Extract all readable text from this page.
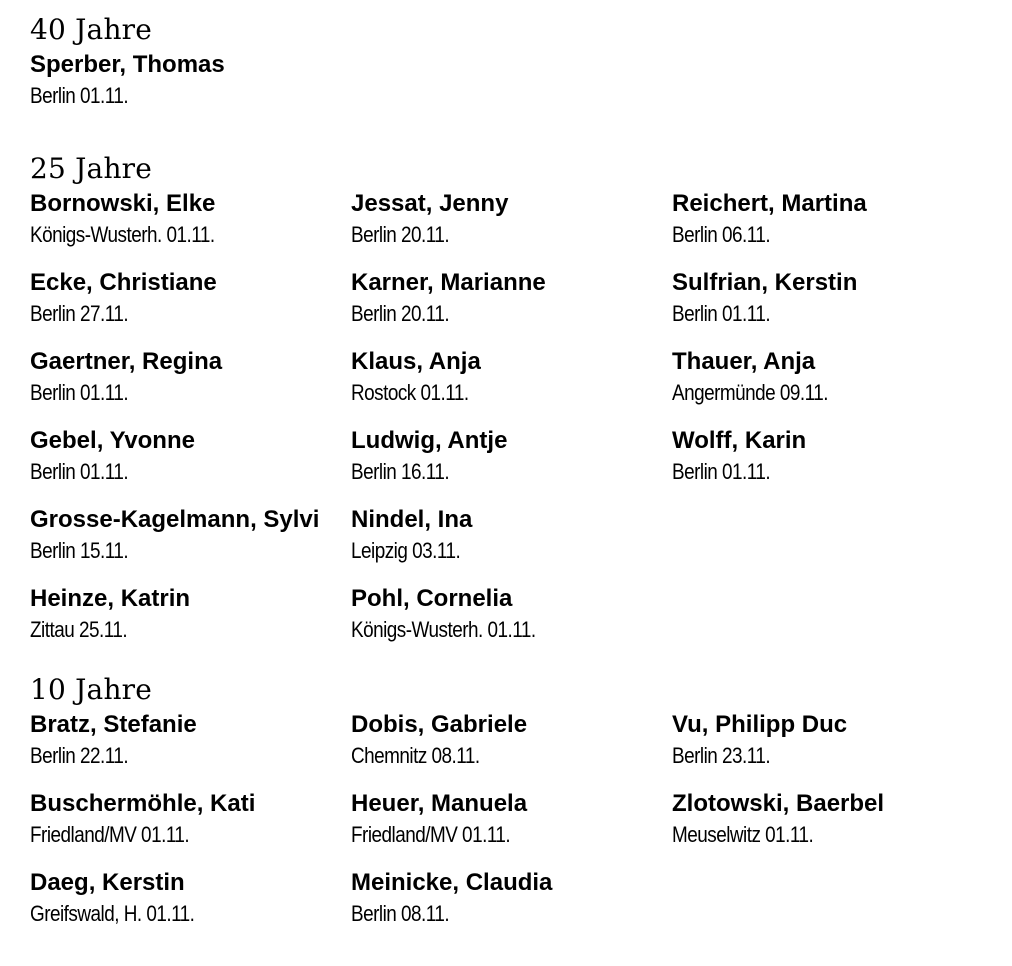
40 Jahre
Sperber, Thomas
Berlin 01.11.
25 Jahre
Bornowski, Elke
Königs-Wusterh. 01.11.
Ecke, Christiane
Berlin 27.11.
Gaertner, Regina
Berlin 01.11.
Gebel, Yvonne
Berlin 01.11.
Grosse-Kagelmann, Sylvi
Berlin 15.11.
Heinze, Katrin
Zittau 25.11.
Jessat, Jenny
Berlin 20.11.
Karner, Marianne
Berlin 20.11.
Klaus, Anja
Rostock 01.11.
Ludwig, Antje
Berlin 16.11.
Nindel, Ina
Leipzig 03.11.
Pohl, Cornelia
Königs-Wusterh. 01.11.
Reichert, Martina
Berlin 06.11.
Sulfrian, Kerstin
Berlin 01.11.
Thauer, Anja
Angermünde 09.11.
Wolff, Karin
Berlin 01.11.
10 Jahre
Bratz, Stefanie
Berlin 22.11.
Buschermöhle, Kati
Friedland/MV 01.11.
Daeg, Kerstin
Greifswald, H. 01.11.
Dobis, Gabriele
Chemnitz 08.11.
Heuer, Manuela
Friedland/MV 01.11.
Meinicke, Claudia
Berlin 08.11.
Vu, Philipp Duc
Berlin 23.11.
Zlotowski, Baerbel
Meuselwitz 01.11.
